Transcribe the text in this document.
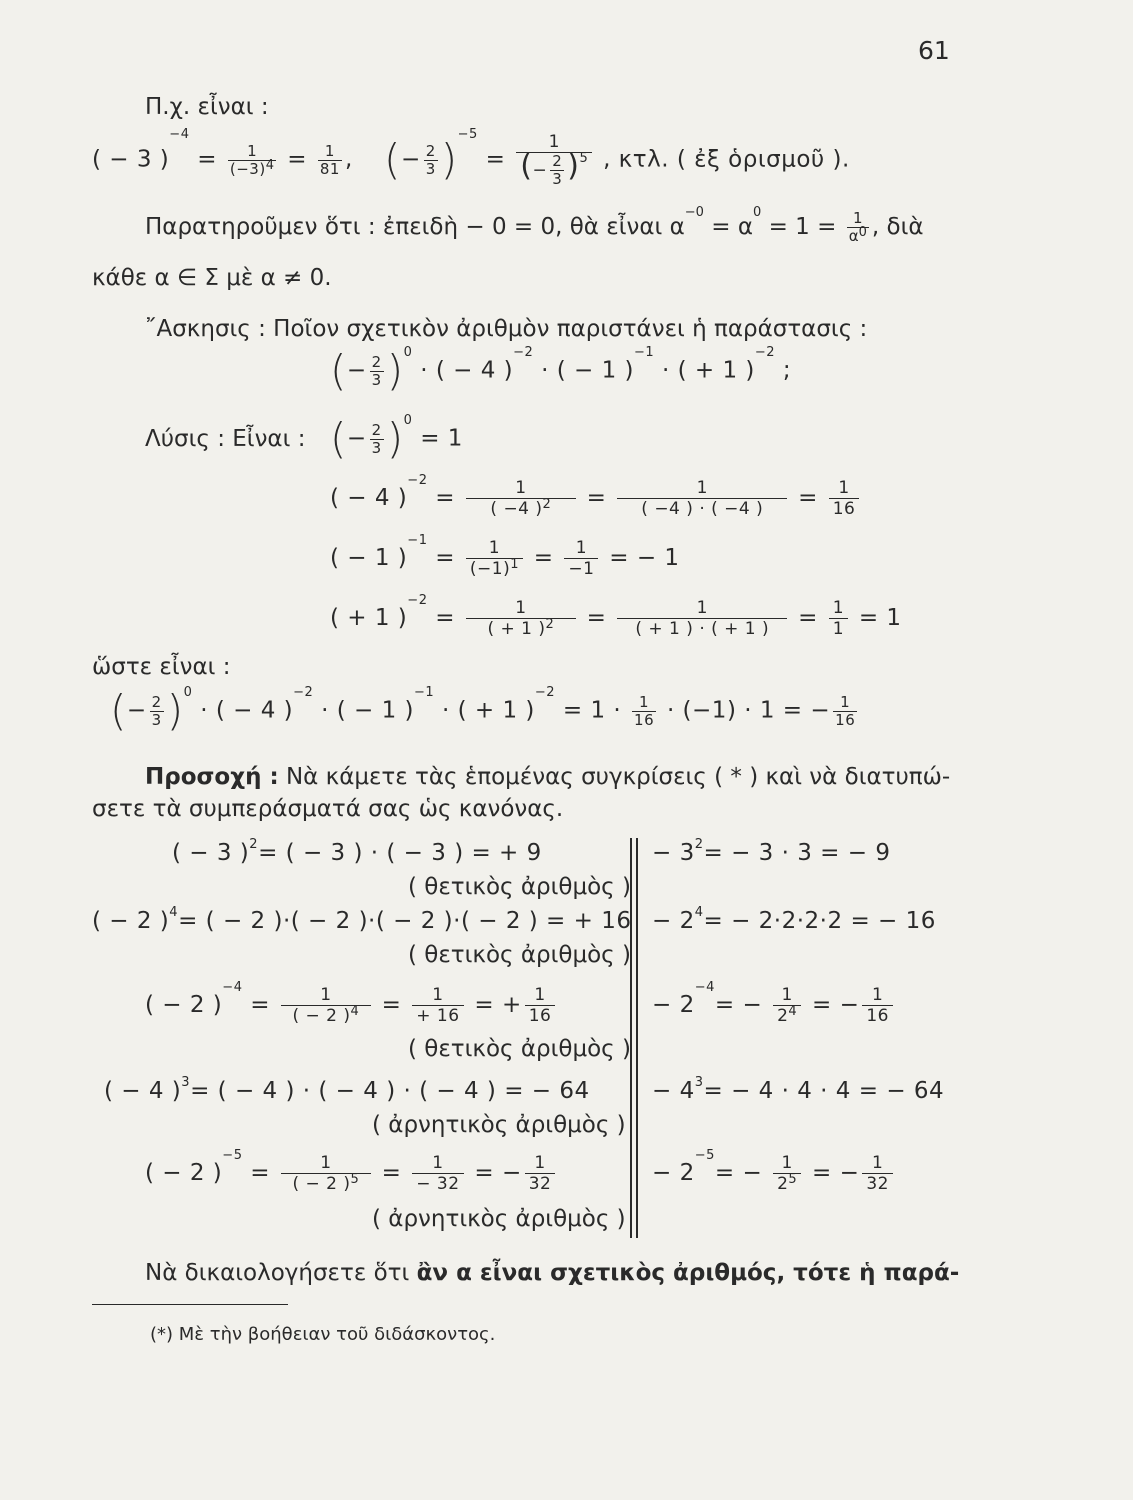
61
Π.χ. εἶναι :
( − 3 )$^{-4} = \frac{1}{(-3)^4} = \frac{1}{81}$ , (− $\frac{2}{3} )^{-5} = \frac{1}{(- \frac{2}{3} )^5}$ , κτλ. ( ἐξ ὁρισμοῦ ).
Παρατηροῦμεν ὅτι : ἐπειδὴ − 0 = 0, θὰ εἶναι $\alpha^{-0} = \alpha^0 = 1 = \frac{1}{\alpha^0}$ , διὰ
κάθε α ∈ Σ μὲ α ≠ 0.
῎Ασκησις : Ποῖον σχετικὸν ἀριθμὸν παριστάνει ἡ παράστασις :
(− $\frac{2}{3} )^0$ · ( − 4 )$^{-2}$ · ( − 1 )$^{-1}$ · ( + 1 )$^{-2}$ ;
Λύσις : Εἶναι : (− $\frac{2}{3} )^0 = 1$
( − 4 )$^{-2} = \frac{1}{( -4 )^2} = \frac{1}{( -4 ) \cdot ( -4 )} = \frac{1}{16}$
( − 1 )$^{-1} = \frac{1}{(-1)^1} = \frac{1}{-1}$ = − 1
( + 1 )$^{-2} = \frac{1}{( + 1 )^2} = \frac{1}{( + 1 ) \cdot ( + 1 )} = \frac{1}{1} = 1$
ὥστε εἶναι :
(− $\frac{2}{3} )^0$ · ( − 4 )$^{-2}$ · ( − 1 )$^{-1}$ · ( + 1 )$^{-2} = 1 \cdot \frac{1}{16} \cdot (-1) \cdot 1$ = − $\frac{1}{16}$
Προσοχή : Νὰ κάμετε τὰς ἑπομένας συγκρίσεις ( * ) καὶ νὰ διατυπώ-
σετε τὰ συμπεράσματά σας ὡς κανόνας.
( − 3 )$^2$= ( − 3 ) · ( − 3 ) = + 9
( θετικὸς ἀριθμὸς )
( − 2 )$^4$= ( − 2 )·( − 2 )·( − 2 )·( − 2 ) = + 16
( θετικὸς ἀριθμὸς )
( − 2 )$^{-4} = \frac{1}{( - 2 )^4} = \frac{1}{+ 16}$ = + $\frac{1}{16}$
( θετικὸς ἀριθμὸς )
( − 4 )$^3$= ( − 4 ) · ( − 4 ) · ( − 4 ) = − 64
( ἀρνητικὸς ἀριθμὸς )
( − 2 )$^{-5} = \frac{1}{( - 2 )^5} = \frac{1}{- 32}$ = − $\frac{1}{32}$
( ἀρνητικὸς ἀριθμὸς )
− $3^2= - 3 \cdot 3$ = − 9
− $2^4= - 2\cdot 2\cdot 2\cdot 2$ = − 16
− $2^{-4}= - \frac{1}{2^4}$ = − $\frac{1}{16}$
− $4^3= - 4 \cdot 4 \cdot 4$ = − 64
− $2^{-5}= - \frac{1}{2^5}$ = − $\frac{1}{32}$
Νὰ δικαιολογήσετε ὅτι ἂν α εἶναι σχετικὸς ἀριθμός, τότε ἡ παρά-
(*) Μὲ τὴν βοήθειαν τοῦ διδάσκοντος.
